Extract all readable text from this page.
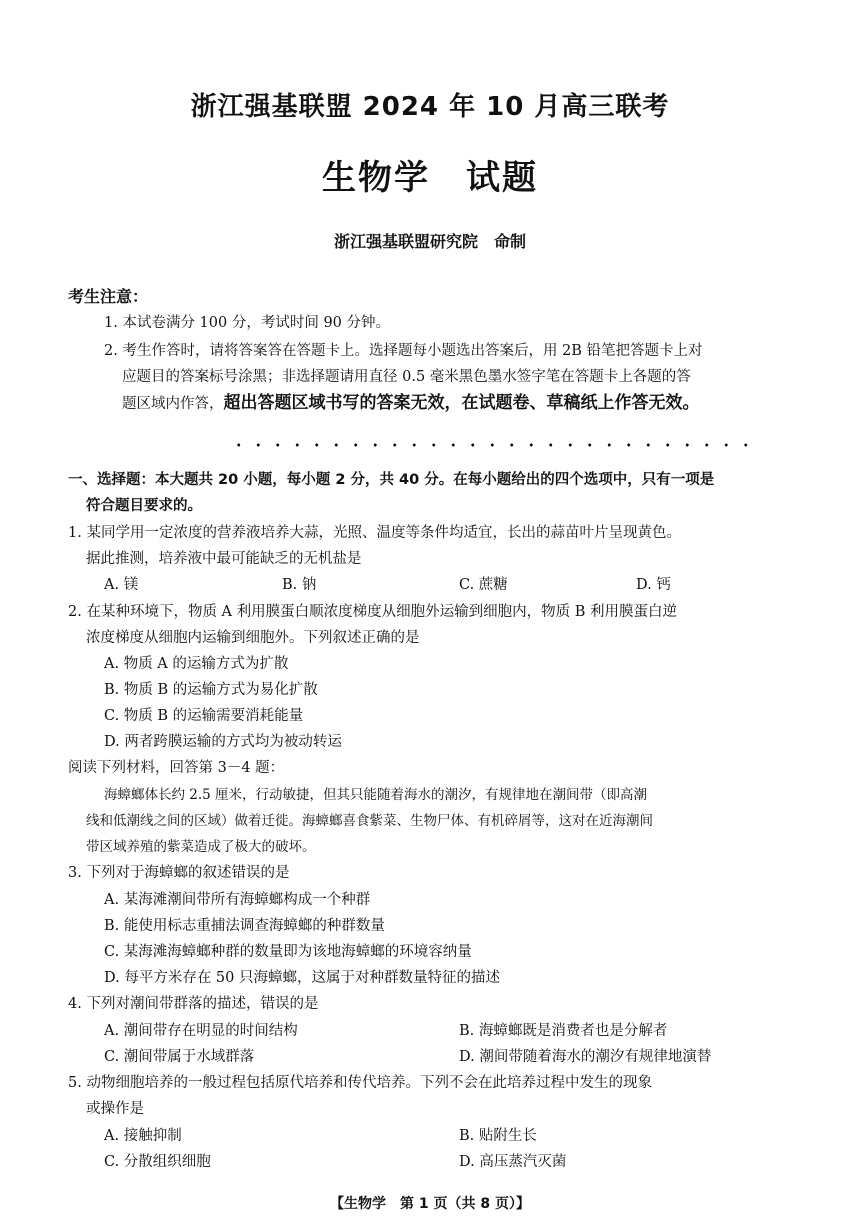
浙江强基联盟 2024 年 10 月高三联考
生物学　试题
浙江强基联盟研究院　命制
考生注意：
1. 本试卷满分 100 分，考试时间 90 分钟。
2. 考生作答时，请将答案答在答题卡上。选择题每小题选出答案后，用 2B 铅笔把答题卡上对
应题目的答案标号涂黑；非选择题请用直径 0.5 毫米黑色墨水签字笔在答题卡上各题的答
题区域内作答，超出答题区域书写的答案无效，在试题卷、草稿纸上作答无效。
一、选择题：本大题共 20 小题，每小题 2 分，共 40 分。在每小题给出的四个选项中，只有一项是
符合题目要求的。
1. 某同学用一定浓度的营养液培养大蒜，光照、温度等条件均适宜，长出的蒜苗叶片呈现黄色。
据此推测，培养液中最可能缺乏的无机盐是
A. 镁	B. 钠	C. 蔗糖	D. 钙
2. 在某种环境下，物质 A 利用膜蛋白顺浓度梯度从细胞外运输到细胞内，物质 B 利用膜蛋白逆
浓度梯度从细胞内运输到细胞外。下列叙述正确的是
A. 物质 A 的运输方式为扩散
B. 物质 B 的运输方式为易化扩散
C. 物质 B 的运输需要消耗能量
D. 两者跨膜运输的方式均为被动转运
阅读下列材料，回答第 3－4 题：
海蟑螂体长约 2.5 厘米，行动敏捷，但其只能随着海水的潮汐，有规律地在潮间带（即高潮
线和低潮线之间的区域）做着迁徙。海蟑螂喜食紫菜、生物尸体、有机碎屑等，这对在近海潮间
带区域养殖的紫菜造成了极大的破坏。
3. 下列对于海蟑螂的叙述错误的是
A. 某海滩潮间带所有海蟑螂构成一个种群
B. 能使用标志重捕法调查海蟑螂的种群数量
C. 某海滩海蟑螂种群的数量即为该地海蟑螂的环境容纳量
D. 每平方米存在 50 只海蟑螂，这属于对种群数量特征的描述
4. 下列对潮间带群落的描述，错误的是
A. 潮间带存在明显的时间结构	B. 海蟑螂既是消费者也是分解者
C. 潮间带属于水域群落	D. 潮间带随着海水的潮汐有规律地演替
5. 动物细胞培养的一般过程包括原代培养和传代培养。下列不会在此培养过程中发生的现象
或操作是
A. 接触抑制	B. 贴附生长
C. 分散组织细胞	D. 高压蒸汽灭菌
【生物学　第 1 页（共 8 页）】
